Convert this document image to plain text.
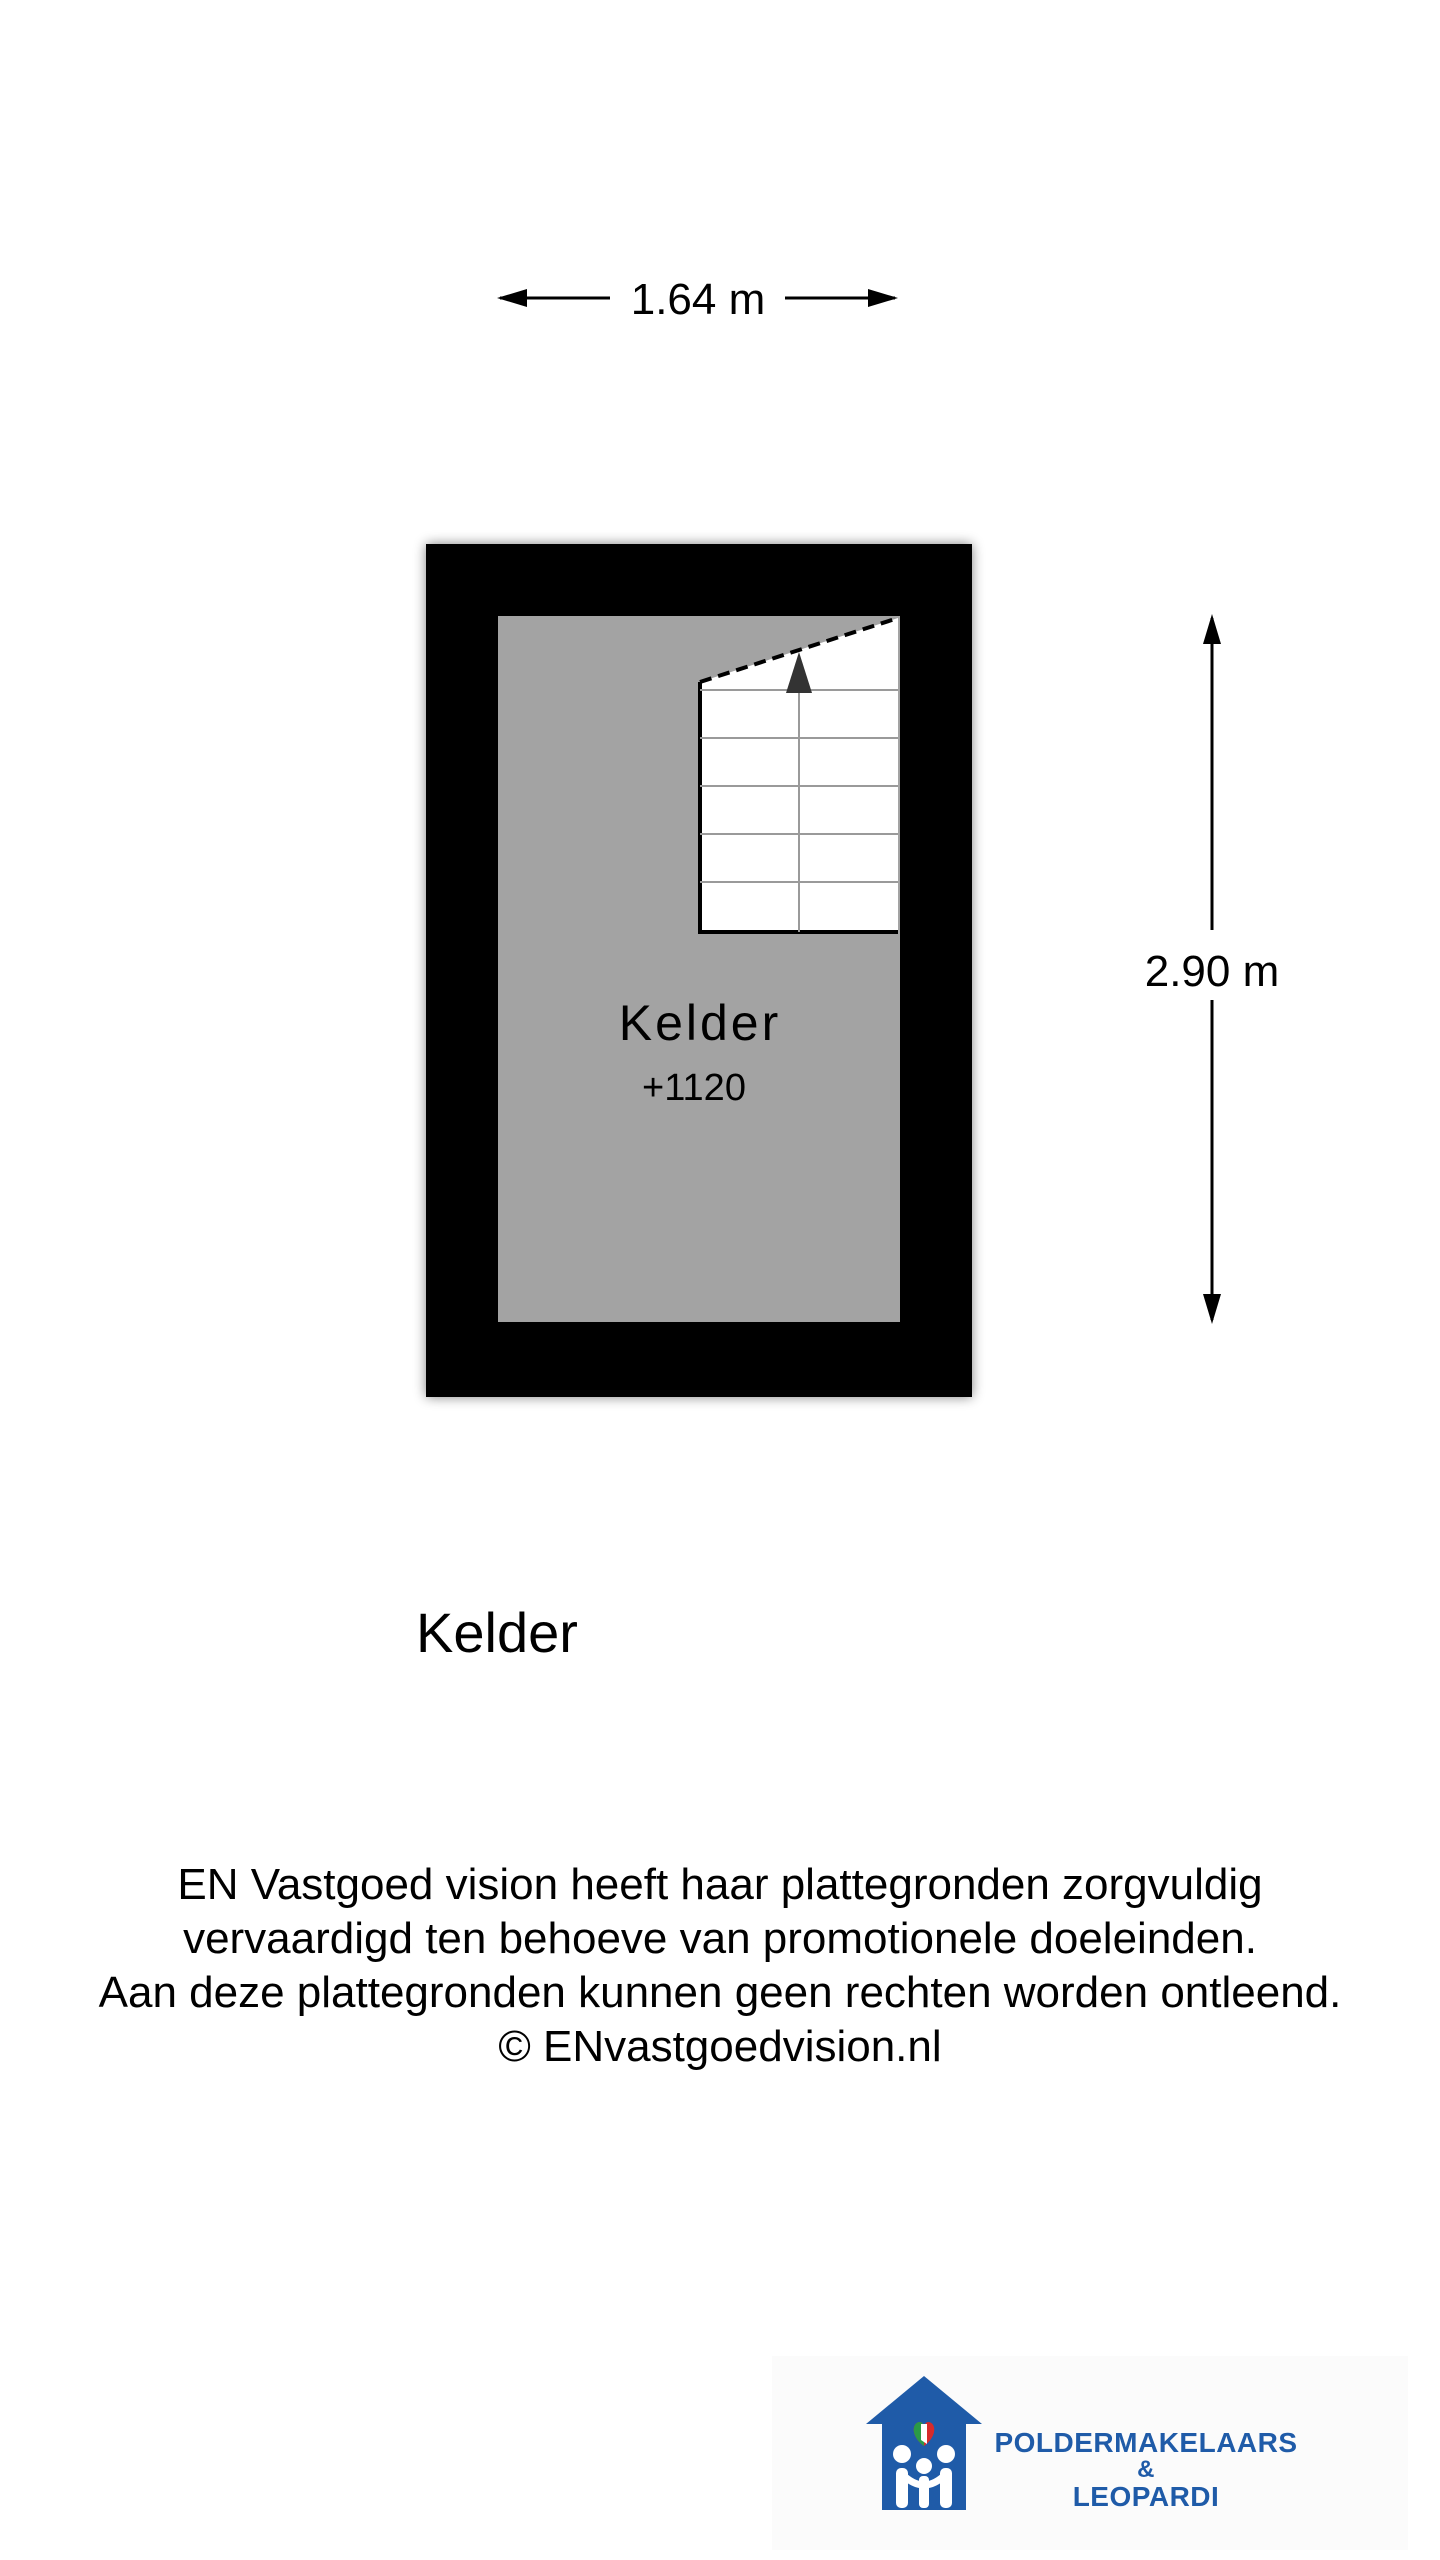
1.64 m
Kelder
+1120
2.90 m
Kelder
EN Vastgoed vision heeft haar plattegronden zorgvuldig
vervaardigd ten behoeve van promotionele doeleinden.
Aan deze plattegronden kunnen geen rechten worden ontleend.
© ENvastgoedvision.nl
POLDERMAKELAARS
&
LEOPARDI
